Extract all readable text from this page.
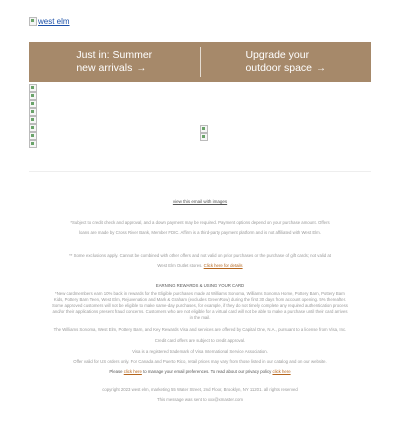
west elm
Just in: Summer
new arrivals →
Upgrade your
outdoor space →
view this email with images
*Subject to credit check and approval, and a down payment may be required. Payment options depend on your purchase amount. Offers
loans are made by Cross River Bank, Member FDIC. Affirm is a third-party payment platform and is not affiliated with West Elm.
** Some exclusions apply. Cannot be combined with other offers and not valid on prior purchases or the purchase of gift cards; not valid at
West Elm Outlet stores. Click here for details
EARNING REWARDS & USING YOUR CARD
*New cardmembers earn 10% back in rewards for the Eligible purchases made at Williams Sonoma, Williams Sonoma Home, Pottery Barn, Pottery Barn Kids, Pottery Barn Teen, West Elm, Rejuvenation and Mark & Graham (excludes GreenRow) during the first 30 days from account opening. 5% thereafter. Some approved customers will not be eligible to make same-day purchases, for example, if they do not timely complete any required authentication process and/or their applications present fraud concerns. Customers who are not eligible for a virtual card will not be able to make a purchase until their card arrives in the mail.
The Williams Sonoma, West Elm, Pottery Barn, and Key Rewards Visa and services are offered by Capital One, N.A., pursuant to a license from Visa, Inc.
Credit card offers are subject to credit approval.
Visa is a registered trademark of Visa International Service Association.
Offer valid for US orders only. For Canada and Puerto Rico, retail prices may vary from those listed in our catalog and on our website.
Please click here to manage your email preferences. To read about our privacy policy click here
copyright 2023 west elm, marketing 55 Water Street, 2nd Floor, Brooklyn, NY 11201. all rights reserved
This message was sent to xxx@xmaster.com
